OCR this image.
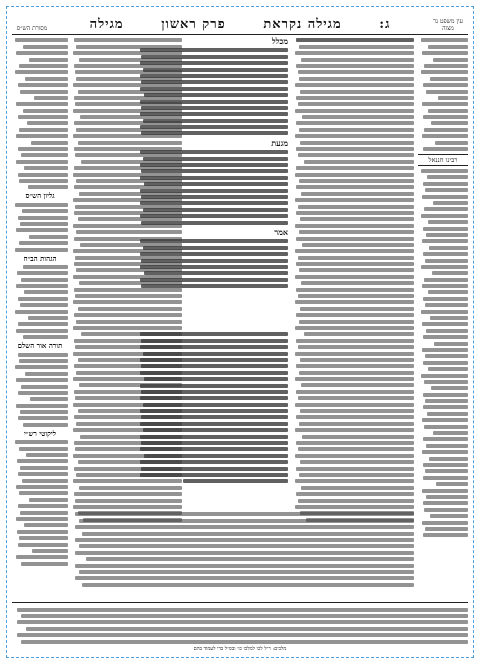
עין משפט נר מצוה
ג:
מגילה נקראת
פרק ראשון
מגילה
מסורת הש״ס
רבינו חננאל
מכלל
מגעת
אמר
גליון הש״ס
הגהות הב״ח
תורה אור השלם
ליקוטי רש״י
מלכים: ר״ל לכו למלכו כו׳ ובס״ל בדי לעמוד בהם
